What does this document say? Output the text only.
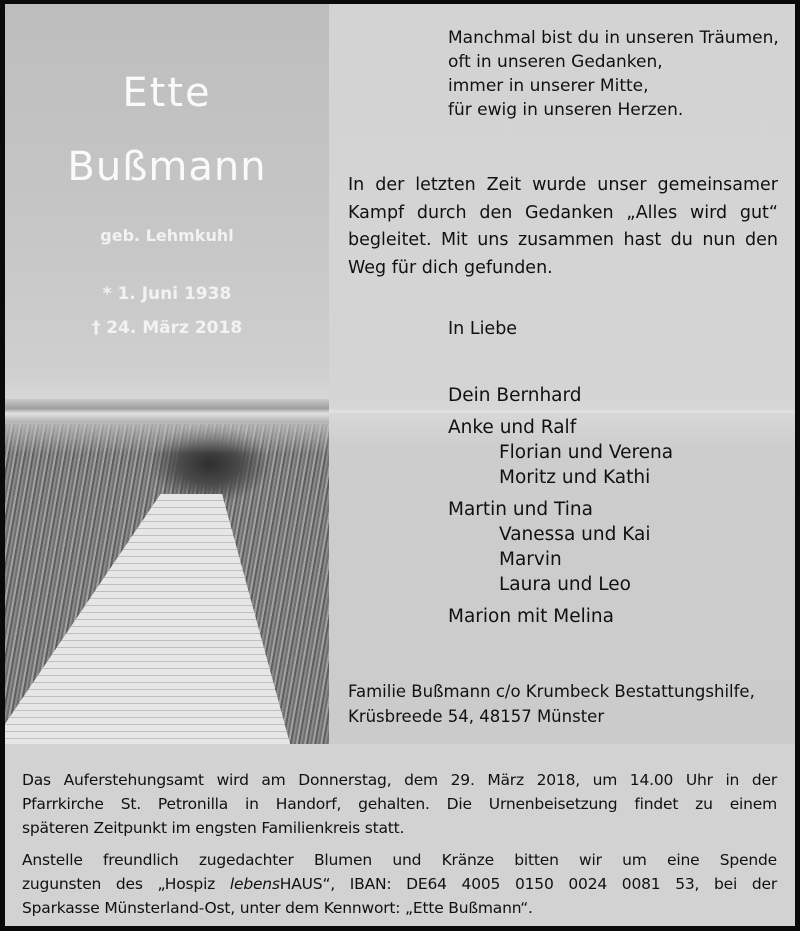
Ette
Bußmann
geb. Lehmkuhl
* 1. Juni 1938
† 24. März 2018
Manchmal bist du in unseren Träumen,
oft in unseren Gedanken,
immer in unserer Mitte,
für ewig in unseren Herzen.
In der letzten Zeit wurde unser gemeinsamer Kampf durch den Gedanken „Alles wird gut“ begleitet. Mit uns zusammen hast du nun den Weg für dich gefunden.
In Liebe
Dein Bernhard
Anke und Ralf
Florian und Verena
Moritz und Kathi
Martin und Tina
Vanessa und Kai
Marvin
Laura und Leo
Marion mit Melina
Familie Bußmann c/o Krumbeck Bestattungshilfe,
Krüsbreede 54, 48157 Münster
Das Auferstehungsamt wird am Donnerstag, dem 29. März 2018, um 14.00 Uhr in der
Pfarrkirche St. Petronilla in Handorf, gehalten. Die Urnenbeisetzung findet zu einem
späteren Zeitpunkt im engsten Familienkreis statt.
Anstelle freundlich zugedachter Blumen und Kränze bitten wir um eine Spende
zugunsten des „Hospiz lebensHAUS“, IBAN: DE64 4005 0150 0024 0081 53, bei der
Sparkasse Münsterland-Ost, unter dem Kennwort: „Ette Bußmann“.
